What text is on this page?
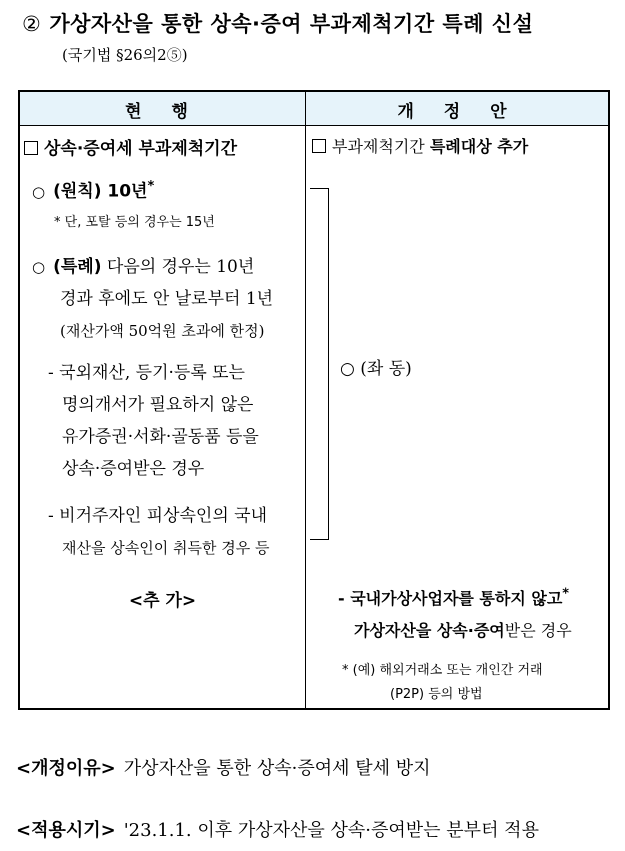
② 가상자산을 통한 상속·증여 부과제척기간 특례 신설
(국기법 §26의2⑤)
현 행	개 정 안
상속·증여세 부과제척기간
○ (원칙) 10년*
* 단, 포탈 등의 경우는 15년
○ (특례) 다음의 경우는 10년
경과 후에도 안 날로부터 1년
(재산가액 50억원 초과에 한정)
- 국외재산, 등기·등록 또는
명의개서가 필요하지 않은
유가증권·서화·골동품 등을
상속·증여받은 경우
- 비거주자인 피상속인의 국내
재산을 상속인이 취득한 경우 등
<추 가>
부과제척기간 특례대상 추가
○ (좌 동)
- 국내가상사업자를 통하지 않고*
가상자산을 상속·증여받은 경우
* (예) 해외거래소 또는 개인간 거래
(P2P) 등의 방법
<개정이유> 가상자산을 통한 상속·증여세 탈세 방지
<적용시기> '23.1.1. 이후 가상자산을 상속·증여받는 분부터 적용
